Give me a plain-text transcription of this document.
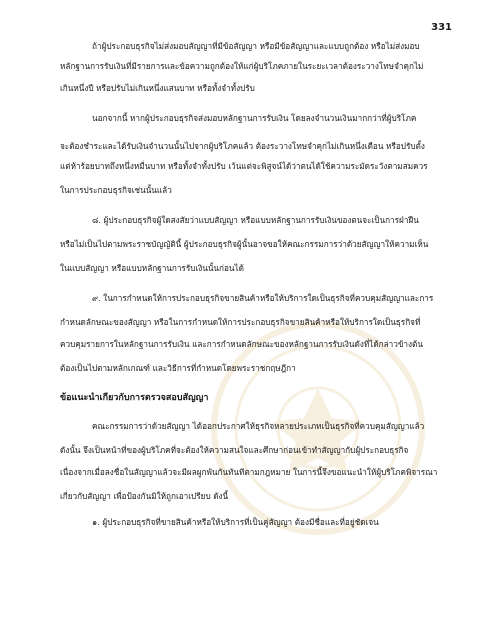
331
ถ้าผู้ประกอบธุรกิจไม่ส่งมอบสัญญาที่มีข้อสัญญา หรือมีข้อสัญญาและแบบถูกต้อง หรือไม่ส่งมอบ
หลักฐานการรับเงินที่มีรายการและข้อความถูกต้องให้แก่ผู้บริโภคภายในระยะเวลาต้องระวางโทษจำคุกไม่
เกินหนึ่งปี หรือปรับไม่เกินหนึ่งแสนบาท หรือทั้งจำทั้งปรับ
นอกจากนี้ หากผู้ประกอบธุรกิจส่งมอบหลักฐานการรับเงิน โดยลงจำนวนเงินมากกว่าที่ผู้บริโภค
จะต้องชำระและได้รับเงินจำนวนนั้นไปจากผู้บริโภคแล้ว ต้องระวางโทษจำคุกไม่เกินหนึ่งเดือน หรือปรับตั้ง
แต่ห้าร้อยบาทถึงหนึ่งหมื่นบาท หรือทั้งจำทั้งปรับ เว้นแต่จะพิสูจน์ได้ว่าตนได้ใช้ความระมัดระวังตามสมควร
ในการประกอบธุรกิจเช่นนั้นแล้ว
๘. ผู้ประกอบธุรกิจผู้ใดสงสัยว่าแบบสัญญา หรือแบบหลักฐานการรับเงินของตนจะเป็นการฝ่าฝืน
หรือไม่เป็นไปตามพระราชบัญญัตินี้ ผู้ประกอบธุรกิจผู้นั้นอาจขอให้คณะกรรมการว่าด้วยสัญญาให้ความเห็น
ในแบบสัญญา หรือแบบหลักฐานการรับเงินนั้นก่อนได้
๙. ในการกำหนดให้การประกอบธุรกิจขายสินค้าหรือให้บริการใดเป็นธุรกิจที่ควบคุมสัญญาและการ
กำหนดลักษณะของสัญญา หรือในการกำหนดให้การประกอบธุรกิจขายสินค้าหรือให้บริการใดเป็นธุรกิจที่
ควบคุมรายการในหลักฐานการรับเงิน และการกำหนดลักษณะของหลักฐานการรับเงินดังที่ได้กล่าวข้างต้น
ต้องเป็นไปตามหลักเกณฑ์ และวิธีการที่กำหนดโดยพระราชกฤษฎีกา
ข้อแนะนำเกี่ยวกับการตรวจสอบสัญญา
คณะกรรมการว่าด้วยสัญญา ได้ออกประกาศให้ธุรกิจหลายประเภทเป็นธุรกิจที่ควบคุมสัญญาแล้ว
ดังนั้น จึงเป็นหน้าที่ของผู้บริโภคที่จะต้องให้ความสนใจและศึกษาก่อนเข้าทำสัญญากับผู้ประกอบธุรกิจ
เนื่องจากเมื่อลงชื่อในสัญญาแล้วจะมีผลผูกพันกันทันทีตามกฎหมาย ในการนี้จึงขอแนะนำให้ผู้บริโภคพิจารณา
เกี่ยวกับสัญญา เพื่อป้องกันมิให้ถูกเอาเปรียบ ดังนี้
๑. ผู้ประกอบธุรกิจที่ขายสินค้าหรือให้บริการที่เป็นคู่สัญญา ต้องมีชื่อและที่อยู่ชัดเจน
